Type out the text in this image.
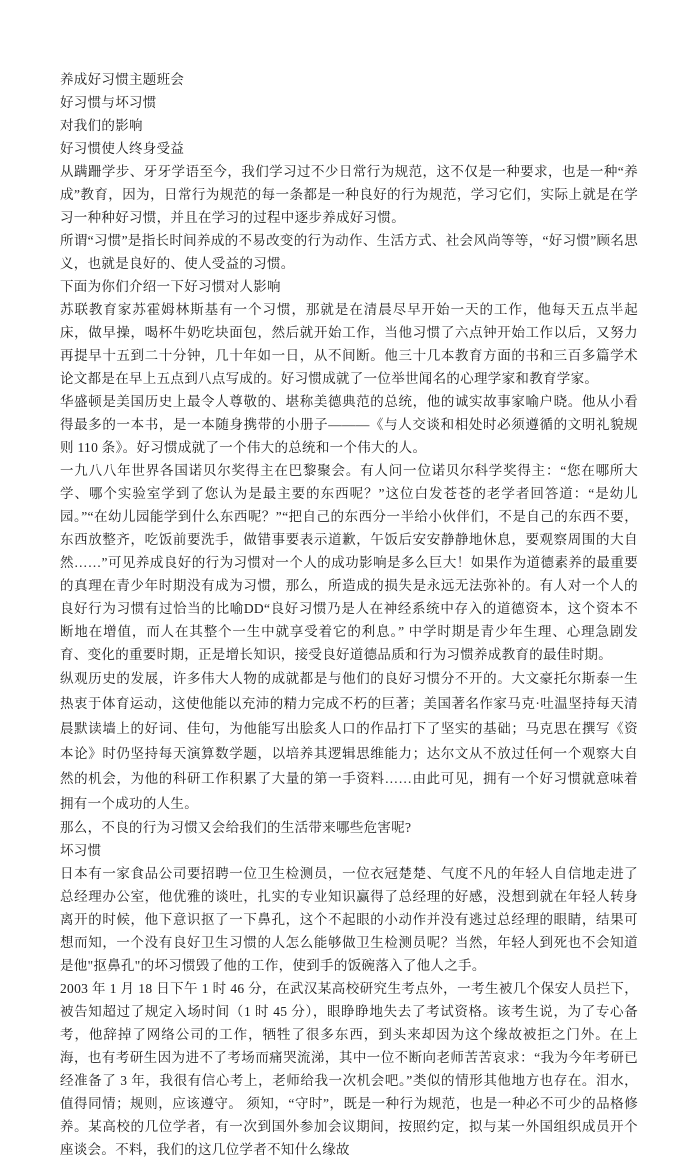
养成好习惯主题班会

好习惯与坏习惯

对我们的影响

好习惯使人终身受益

从蹒跚学步、牙牙学语至今，我们学习过不少日常行为规范，这不仅是一种要求，也是一种“养成”教育，因为，日常行为规范的每一条都是一种良好的行为规范，学习它们，实际上就是在学习一种种好习惯，并且在学习的过程中逐步养成好习惯。

所谓“习惯”是指长时间养成的不易改变的行为动作、生活方式、社会风尚等等，“好习惯”顾名思义，也就是良好的、使人受益的习惯。

下面为你们介绍一下好习惯对人影响

苏联教育家苏霍姆林斯基有一个习惯，那就是在清晨尽早开始一天的工作，他每天五点半起床，做早操，喝杯牛奶吃块面包，然后就开始工作，当他习惯了六点钟开始工作以后，又努力再提早十五到二十分钟，几十年如一日，从不间断。他三十几本教育方面的书和三百多篇学术论文都是在早上五点到八点写成的。好习惯成就了一位举世闻名的心理学家和教育学家。

华盛顿是美国历史上最令人尊敬的、堪称美德典范的总统，他的诚实故事家喻户晓。他从小看得最多的一本书，是一本随身携带的小册子———《与人交谈和相处时必须遵循的文明礼貌规则 110 条》。好习惯成就了一个伟大的总统和一个伟大的人。

一九八八年世界各国诺贝尔奖得主在巴黎聚会。有人问一位诺贝尔科学奖得主：“您在哪所大学、哪个实验室学到了您认为是最主要的东西呢？”这位白发苍苍的老学者回答道：“是幼儿园。”“在幼儿园能学到什么东西呢？”“把自己的东西分一半给小伙伴们，不是自己的东西不要，东西放整齐，吃饭前要洗手，做错事要表示道歉，午饭后安安静静地休息，要观察周围的大自然……”可见养成良好的行为习惯对一个人的成功影响是多么巨大！如果作为道德素养的最重要的真理在青少年时期没有成为习惯，那么，所造成的损失是永远无法弥补的。有人对一个人的良好行为习惯有过恰当的比喻DD“良好习惯乃是人在神经系统中存入的道德资本，这个资本不断地在增值，而人在其整个一生中就享受着它的利息。” 中学时期是青少年生理、心理急剧发育、变化的重要时期，正是增长知识，接受良好道德品质和行为习惯养成教育的最佳时期。

纵观历史的发展，许多伟大人物的成就都是与他们的良好习惯分不开的。大文豪托尔斯泰一生热衷于体育运动，这使他能以充沛的精力完成不朽的巨著；美国著名作家马克·吐温坚持每天清晨默读墙上的好词、佳句，为他能写出脍炙人口的作品打下了坚实的基础；马克思在撰写《资本论》时仍坚持每天演算数学题，以培养其逻辑思维能力；达尔文从不放过任何一个观察大自然的机会，为他的科研工作积累了大量的第一手资料……由此可见，拥有一个好习惯就意味着拥有一个成功的人生。

那么，不良的行为习惯又会给我们的生活带来哪些危害呢?

坏习惯

日本有一家食品公司要招聘一位卫生检测员，一位衣冠楚楚、气度不凡的年轻人自信地走进了总经理办公室，他优雅的谈吐，扎实的专业知识赢得了总经理的好感，没想到就在年轻人转身离开的时候，他下意识抠了一下鼻孔，这个不起眼的小动作并没有逃过总经理的眼睛，结果可想而知，一个没有良好卫生习惯的人怎么能够做卫生检测员呢？当然，年轻人到死也不会知道是他"抠鼻孔"的坏习惯毁了他的工作，使到手的饭碗落入了他人之手。

2003 年 1 月 18 日下午 1 时 46 分，在武汉某高校研究生考点外，一考生被几个保安人员拦下，被告知超过了规定入场时间（1 时 45 分），眼睁睁地失去了考试资格。该考生说，为了专心备考，他辞掉了网络公司的工作，牺牲了很多东西，到头来却因为这个缘故被拒之门外。在上海，也有考研生因为进不了考场而痛哭流涕，其中一位不断向老师苦苦哀求：“我为今年考研已经准备了 3 年，我很有信心考上，老师给我一次机会吧。”类似的情形其他地方也存在。泪水，值得同情；规则，应该遵守。 须知，“守时”，既是一种行为规范，也是一种必不可少的品格修养。某高校的几位学者，有一次到国外参加会议期间，按照约定，拟与某一外国组织成员开个座谈会。不料，我们的这几位学者不知什么缘故
